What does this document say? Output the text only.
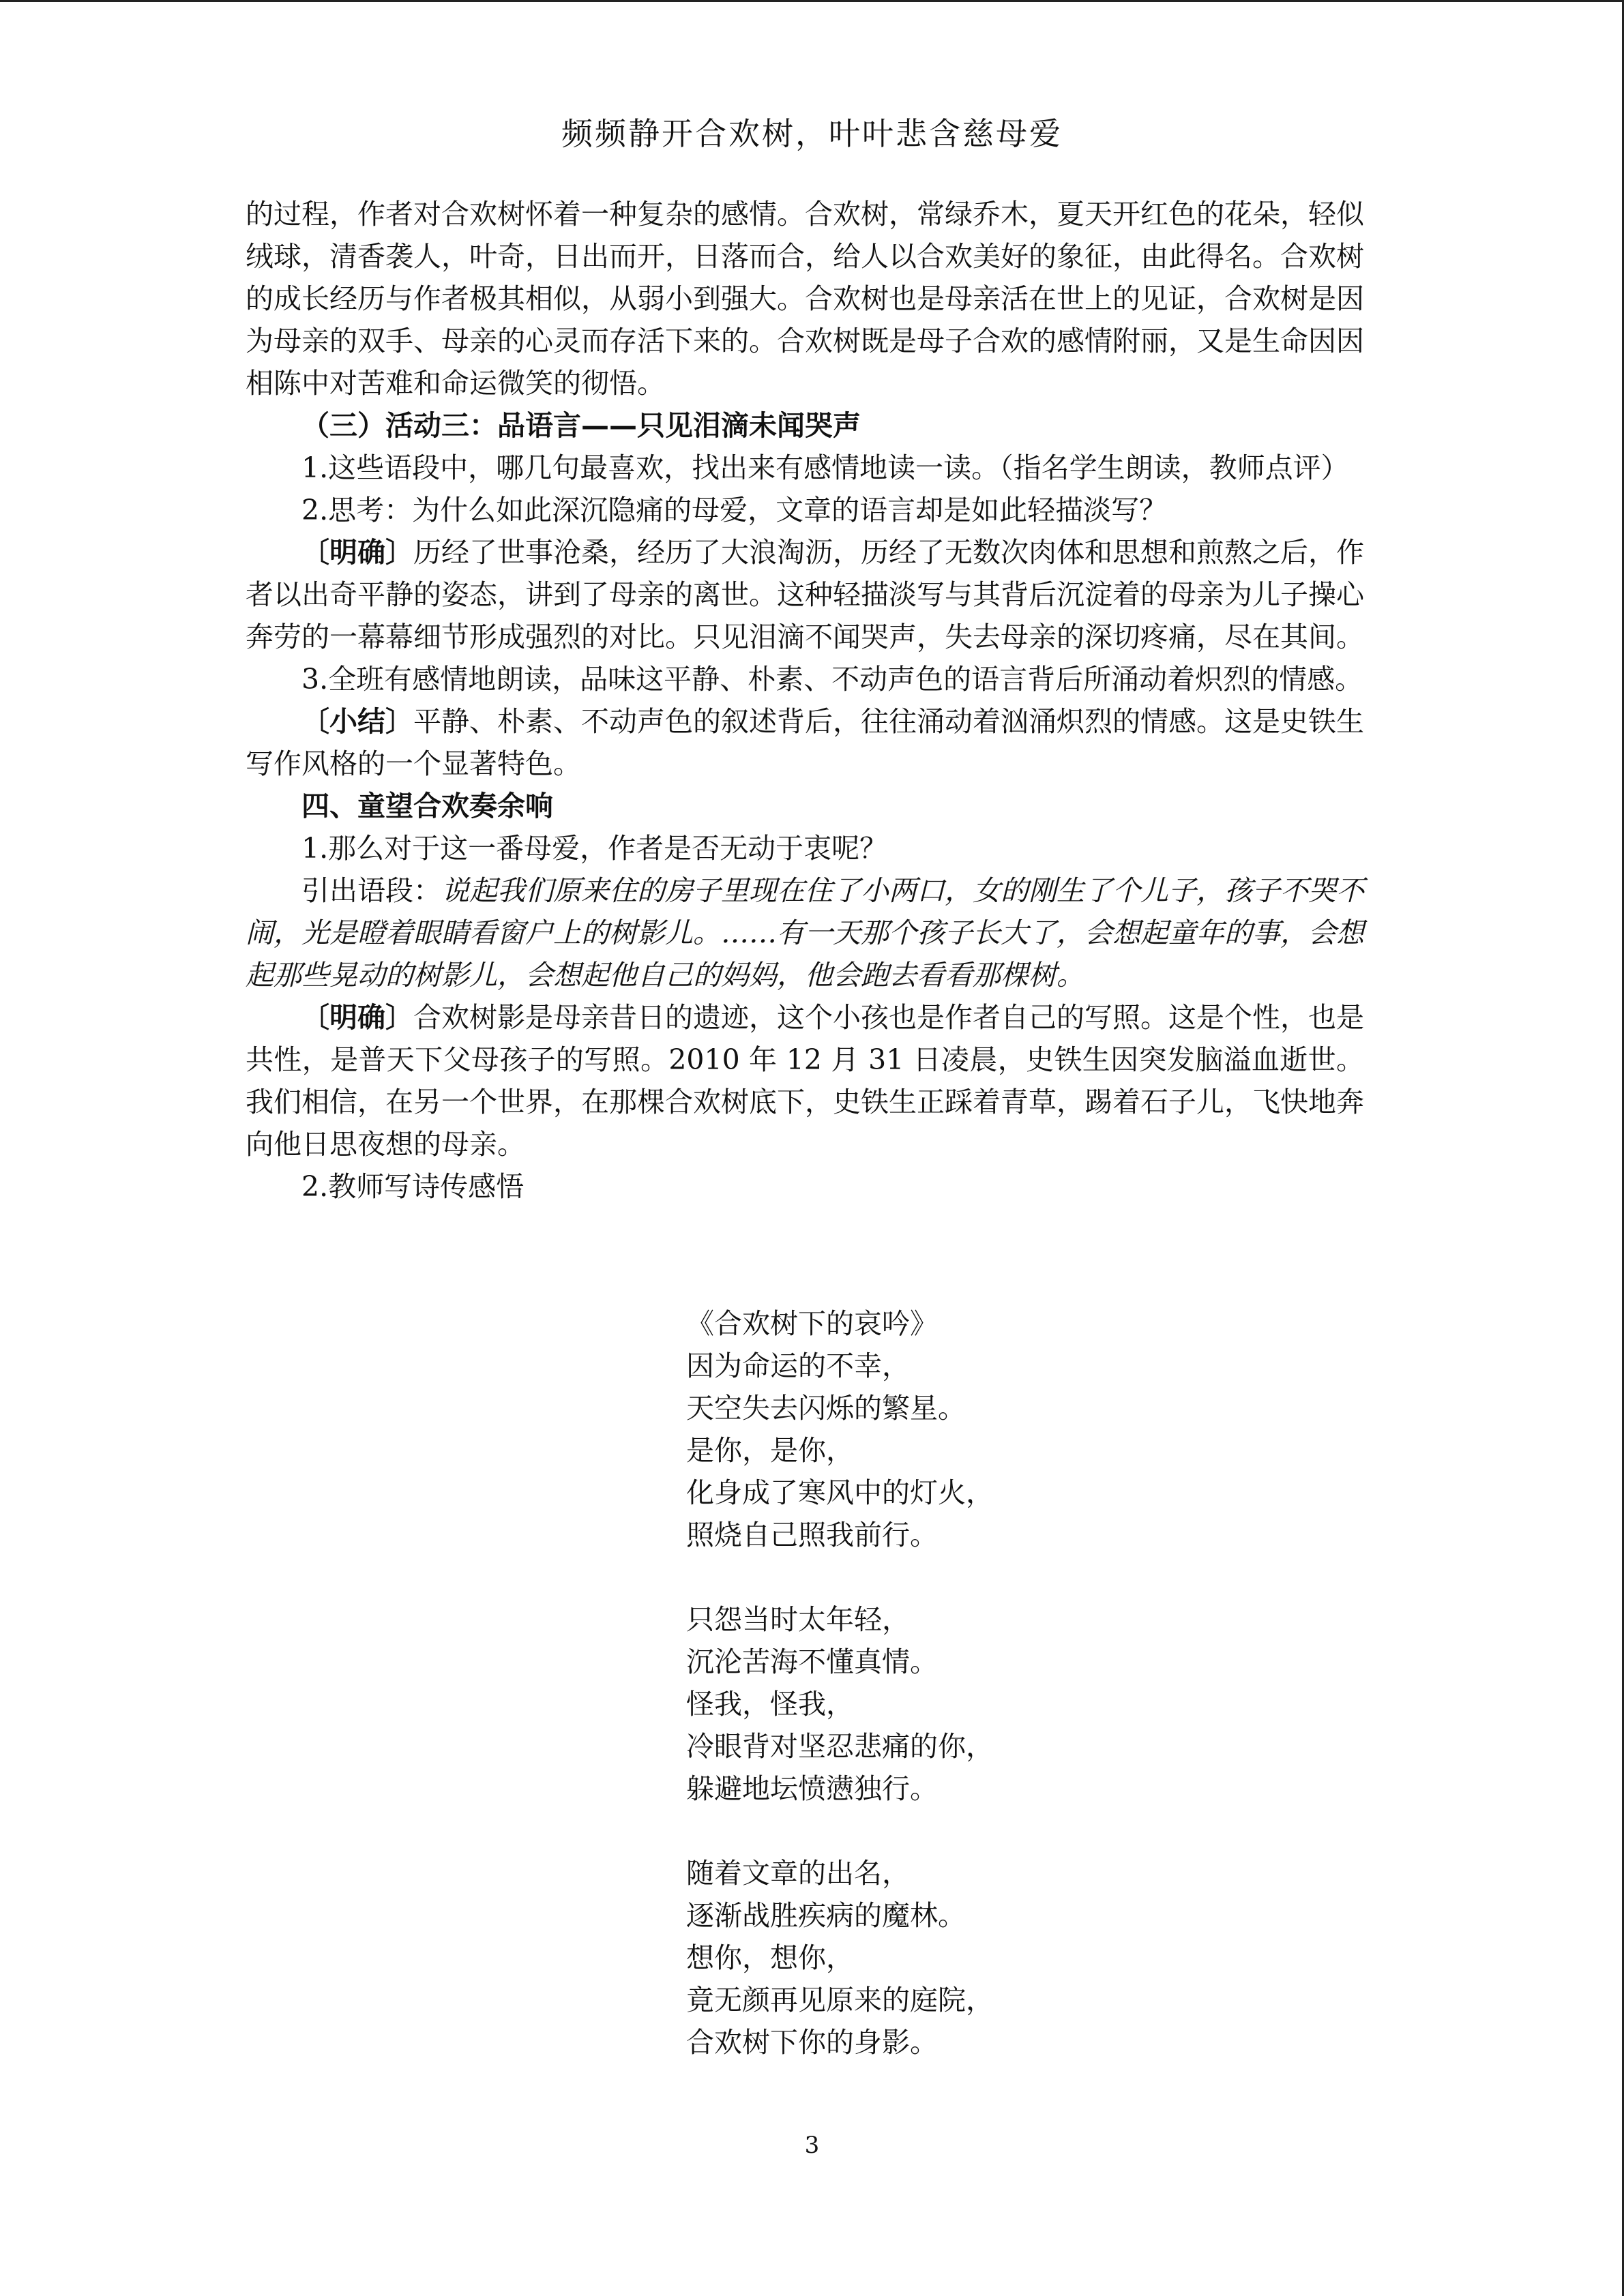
频频静开合欢树，叶叶悲含慈母爱

的过程，作者对合欢树怀着一种复杂的感情。合欢树，常绿乔木，夏天开红色的花朵，轻似绒球，清香袭人，叶奇，日出而开，日落而合，给人以合欢美好的象征，由此得名。合欢树的成长经历与作者极其相似，从弱小到强大。合欢树也是母亲活在世上的见证，合欢树是因为母亲的双手、母亲的心灵而存活下来的。合欢树既是母子合欢的感情附丽，又是生命因因相陈中对苦难和命运微笑的彻悟。

（三）活动三：品语言——只见泪滴未闻哭声

1.这些语段中，哪几句最喜欢，找出来有感情地读一读。（指名学生朗读，教师点评）

2.思考：为什么如此深沉隐痛的母爱，文章的语言却是如此轻描淡写？

〔明确〕历经了世事沧桑，经历了大浪淘沥，历经了无数次肉体和思想和煎熬之后，作者以出奇平静的姿态，讲到了母亲的离世。这种轻描淡写与其背后沉淀着的母亲为儿子操心奔劳的一幕幕细节形成强烈的对比。只见泪滴不闻哭声，失去母亲的深切疼痛，尽在其间。

3.全班有感情地朗读，品味这平静、朴素、不动声色的语言背后所涌动着炽烈的情感。

〔小结〕平静、朴素、不动声色的叙述背后，往往涌动着汹涌炽烈的情感。这是史铁生写作风格的一个显著特色。

四、童望合欢奏余响

1.那么对于这一番母爱，作者是否无动于衷呢？

引出语段：说起我们原来住的房子里现在住了小两口，女的刚生了个儿子，孩子不哭不闹，光是瞪着眼睛看窗户上的树影儿。……有一天那个孩子长大了，会想起童年的事，会想起那些晃动的树影儿，会想起他自己的妈妈，他会跑去看看那棵树。

〔明确〕合欢树影是母亲昔日的遗迹，这个小孩也是作者自己的写照。这是个性，也是共性，是普天下父母孩子的写照。2010 年 12 月 31 日凌晨，史铁生因突发脑溢血逝世。我们相信，在另一个世界，在那棵合欢树底下，史铁生正踩着青草，踢着石子儿，飞快地奔向他日思夜想的母亲。

2.教师写诗传感悟

《合欢树下的哀吟》
因为命运的不幸，
天空失去闪烁的繁星。
是你，是你，
化身成了寒风中的灯火，
照烧自己照我前行。
只怨当时太年轻，
沉沦苦海不懂真情。
怪我，怪我，
冷眼背对坚忍悲痛的你，
躲避地坛愤懑独行。
随着文章的出名，
逐渐战胜疾病的魔林。
想你，想你，
竟无颜再见原来的庭院，
合欢树下你的身影。
3
